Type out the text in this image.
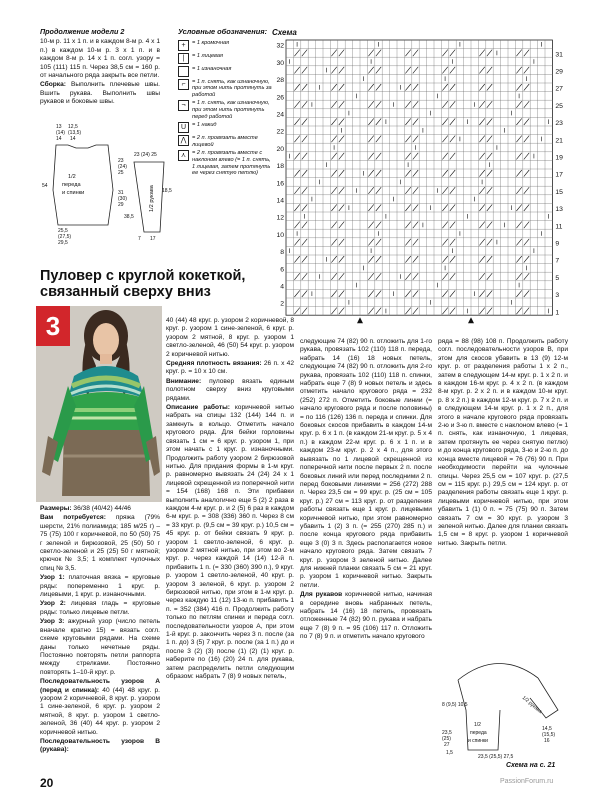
Продолжение модели 2

10-м р. 11 х 1 п. и в каждом 8-м р. 4 х 1 п.) в каждом 10-м р. 3 х 1 п. и в каждом 8-м р. 14 х 1 п. согл. узору = 105 (111) 115 п. Через 38,5 см = 160 р. от начального ряда закрыть все петли.

Сборка: Выполнить плечевые швы. Вшить рукава. Выполнить швы рукавов и боковые швы.

13 12,5
(14) (13,5)
14 14
54
23
(24)
25
31
(30)
29
25,5
(27,5)
29,5
23 (24) 25
38,5
18,5
7 17
1/2
переда
и спинки	1/2 рукава
Условные обозначения:
+	= 1 кромочная
|	= 1 лицевая
= 1 изнаночная
⌐	= 1 п. снять, как изнаночную, при этом нить протянуть за работой
¬	= 1 п. снять, как изнаночную, при этом нить протянуть перед работой
U	= 1 накид
⋀	= 2 п. провязать вместе лицевой
⋏	= 2 п. провязать вместе с наклоном влево (= 1 п. снять, 1 лицевая, затем протянуть ее через снятую петлю)
Схема
32
30
28
26
24
22
20
18
16
14
12
10
8
6
4
2
31
29
27
25
23
21
19
17
15
13
11
9
7
5
3
1
Пуловер с круглой кокеткой,
связанный сверху вниз
3

Размеры: 36/38 (40/42) 44/46

Вам потребуется: пряжа (79% шерсти, 21% полиамида; 185 м/25 г) – 75 (75) 100 г коричневой, по 50 (50) 75 г зеленой и бирюзовой, 25 (50) 50 г светло-зеленой и 25 (25) 50 г мятной; крючок № 3,5; 1 комплект чулочных спиц № 3,5.

Узор 1: платочная вязка = круговые ряды: попеременно 1 круг. р. лицевыми, 1 круг. р. изнаночными.

Узор 2: лицевая гладь = круговые ряды: только лицевые петли.

Узор 3: ажурный узор (число петель вначале кратно 15) = вязать согл. схеме круговыми рядами. На схеме даны только нечетные ряды. Постоянно повторять петли раппорта между стрелками. Постоянно повторять 1–10-й круг. р.

Последовательность узоров А (перед и спинка): 40 (44) 48 круг. р. узором 2 коричневой, 8 круг. р. узором 1 сине-зеленой, 6 круг. р. узором 2 мятной, 8 круг. р. узором 1 светло-зеленой, 36 (40) 44 круг. р. узором 2 коричневой нитью.

Последовательность узоров В (рукава):

40 (44) 48 круг. р. узором 2 коричневой, 8 круг. р. узором 1 сине-зеленой, 6 круг. р. узором 2 мятной, 8 круг. р. узором 1 светло-зеленой, 46 (50) 54 круг. р. узором 2 коричневой нитью.

Средняя плотность вязания: 26 п. х 42 круг. р. = 10 х 10 см.

Внимание: пуловер вязать единым полотном сверху вниз круговыми рядами.

Описание работы: коричневой нитью набрать на спицы 132 (144) 144 п. и замкнуть в кольцо. Отметить начало кругового ряда. Для бейки горловины связать 1 см = 6 круг. р. узором 1, при этом начать с 1 круг. р. изнаночными. Продолжить работу узором 2 бирюзовой нитью. Для придания формы в 1-м круг. р. равномерно вывязать 24 (24) 24 х 1 лицевой скрещенной из поперечной нити = 154 (168) 168 п. Эти прибавки выполнить аналогично еще 5 (2) 2 раза в каждом 4-м круг. р. и 2 (5) 6 раз в каждом 6-м круг. р. = 308 (336) 360 п. Через 8 см = 33 круг. р. (9,5 см = 39 круг. р.) 10,5 см = 45 круг. р. от бейки связать 9 круг. р. узором 1 светло-зеленой, 6 круг. р. узором 2 мятной нитью, при этом во 2-м круг. р. через каждой 14 (14) 12-й п. прибавить 1 п. (= 330 (360) 390 п.), 9 круг. р. узором 1 светло-зеленой, 40 круг. р. узором 3 зеленой, 6 круг. р. узором 2 бирюзовой нитью, при этом в 1-м круг. р. через каждую 11 (12) 13-ю п. прибавить 1 п. = 352 (384) 416 п. Продолжить работу только по петлям спинки и переда согл. последовательности узоров А, при этом 1-й круг. р. закончить через 3 п. после (за 1 п. до) 3 (5) 7 круг. р. после (за 1 п.) до и после 3 (2) (3) после (1) (2) (1) круг. р. наберите по (16) (20) 24 п. для рукава, затем распределить петли следующим образом: набрать 7 (8) 9 новых петель,

следующие 74 (82) 90 п. отложить для 1-го рукава, провязать 102 (110) 118 п. переда, набрать 14 (16) 18 новых петель, следующие 74 (82) 90 п. отложить для 2-го рукава, провязать 102 (110) 118 п. спинки, набрать еще 7 (8) 9 новых петель и здесь отметить начало кругового ряда = 232 (252) 272 п. Отметить боковые линии (= начало кругового ряда и после половины) = по 116 (126) 136 п. переда и спинки. Для боковых скосов прибавить в каждом 14-м круг. р. 6 х 1 п. (в каждом 21-м круг. р. 5 х 4 п.) в каждом 22-м круг. р. 6 х 1 п. и в каждом 23-м круг. р. 2 х 4 п., для этого вывязать по 1 лицевой скрещенной из поперечной нити после первых 2 п. после боковых линий или перед последними 2 п. перед боковыми линиями = 256 (272) 288 п. Через 23,5 см = 99 круг. р. (25 см = 105 круг. р.) 27 см = 113 круг. р. от разделения работы связать еще 1 круг. р. лицевыми коричневой нитью, при этом равномерно убавить 1 (2) 3 п. (= 255 (270) 285 п.) и после конца кругового ряда прибавить еще 3 (0) 3 п. Здесь располагается новое начало кругового ряда. Затем связать 7 круг. р. узором 3 зеленой нитью. Далее для нижней планки связать 5 см = 21 круг. р. узором 1 коричневой нитью. Закрыть петли.

Для рукавов коричневой нитью, начиная в середине вновь набранных петель, набрать 14 (16) 18 петель, провязать отложенные 74 (82) 90 п. рукава и набрать еще 7 (8) 9 п. = 95 (106) 117 п. Отложить по 7 (8) 9 п. и отметить начало кругового

ряда = 88 (98) 108 п. Продолжить работу согл. последовательности узоров В, при этом для скосов убавить в 13 (9) 12-м круг. р. от разделения работы 1 х 2 п., затем в следующем 14-м круг. р. 1 х 2 п. и в каждом 16-м круг. р. 4 х 2 п. (в каждом 8-м круг. р. 2 х 2 п. и в каждом 10-м круг. р. 8 х 2 п.) в каждом 12-м круг. р. 7 х 2 п. и в следующем 14-м круг. р. 1 х 2 п., для этого в начале кругового ряда провязать 2-ю и 3-ю п. вместе с наклоном влево (= 1 п. снять, как изнаночную, 1 лицевая, затем протянуть ее через снятую петлю) и до конца кругового ряда, 3-ю и 2-ю п. до конца вместе лицевой = 76 (76) 90 п. При необходимости перейти на чулочные спицы. Через 25,5 см = 107 круг. р. (27,5 см = 115 круг. р.) 29,5 см = 124 круг. р. от разделения работы связать еще 1 круг. р. лицевыми коричневой нитью, при этом убавить 1 (1) 0 п. = 75 (75) 90 п. Затем связать 7 см = 30 круг. р. узором 3 зеленой нитью. Далее для планки связать 1,5 см = 8 круг. р. узором 1 коричневой нитью. Закрыть петли.

8 (9,5) 10,5
1/2
переда
и спинки
1/2 рукава
23,5
(25)
27
1,5
23,5 (25,5) 27,5
14,5
(15,5)
16
20
Схема на с. 21
PassionForum.ru
